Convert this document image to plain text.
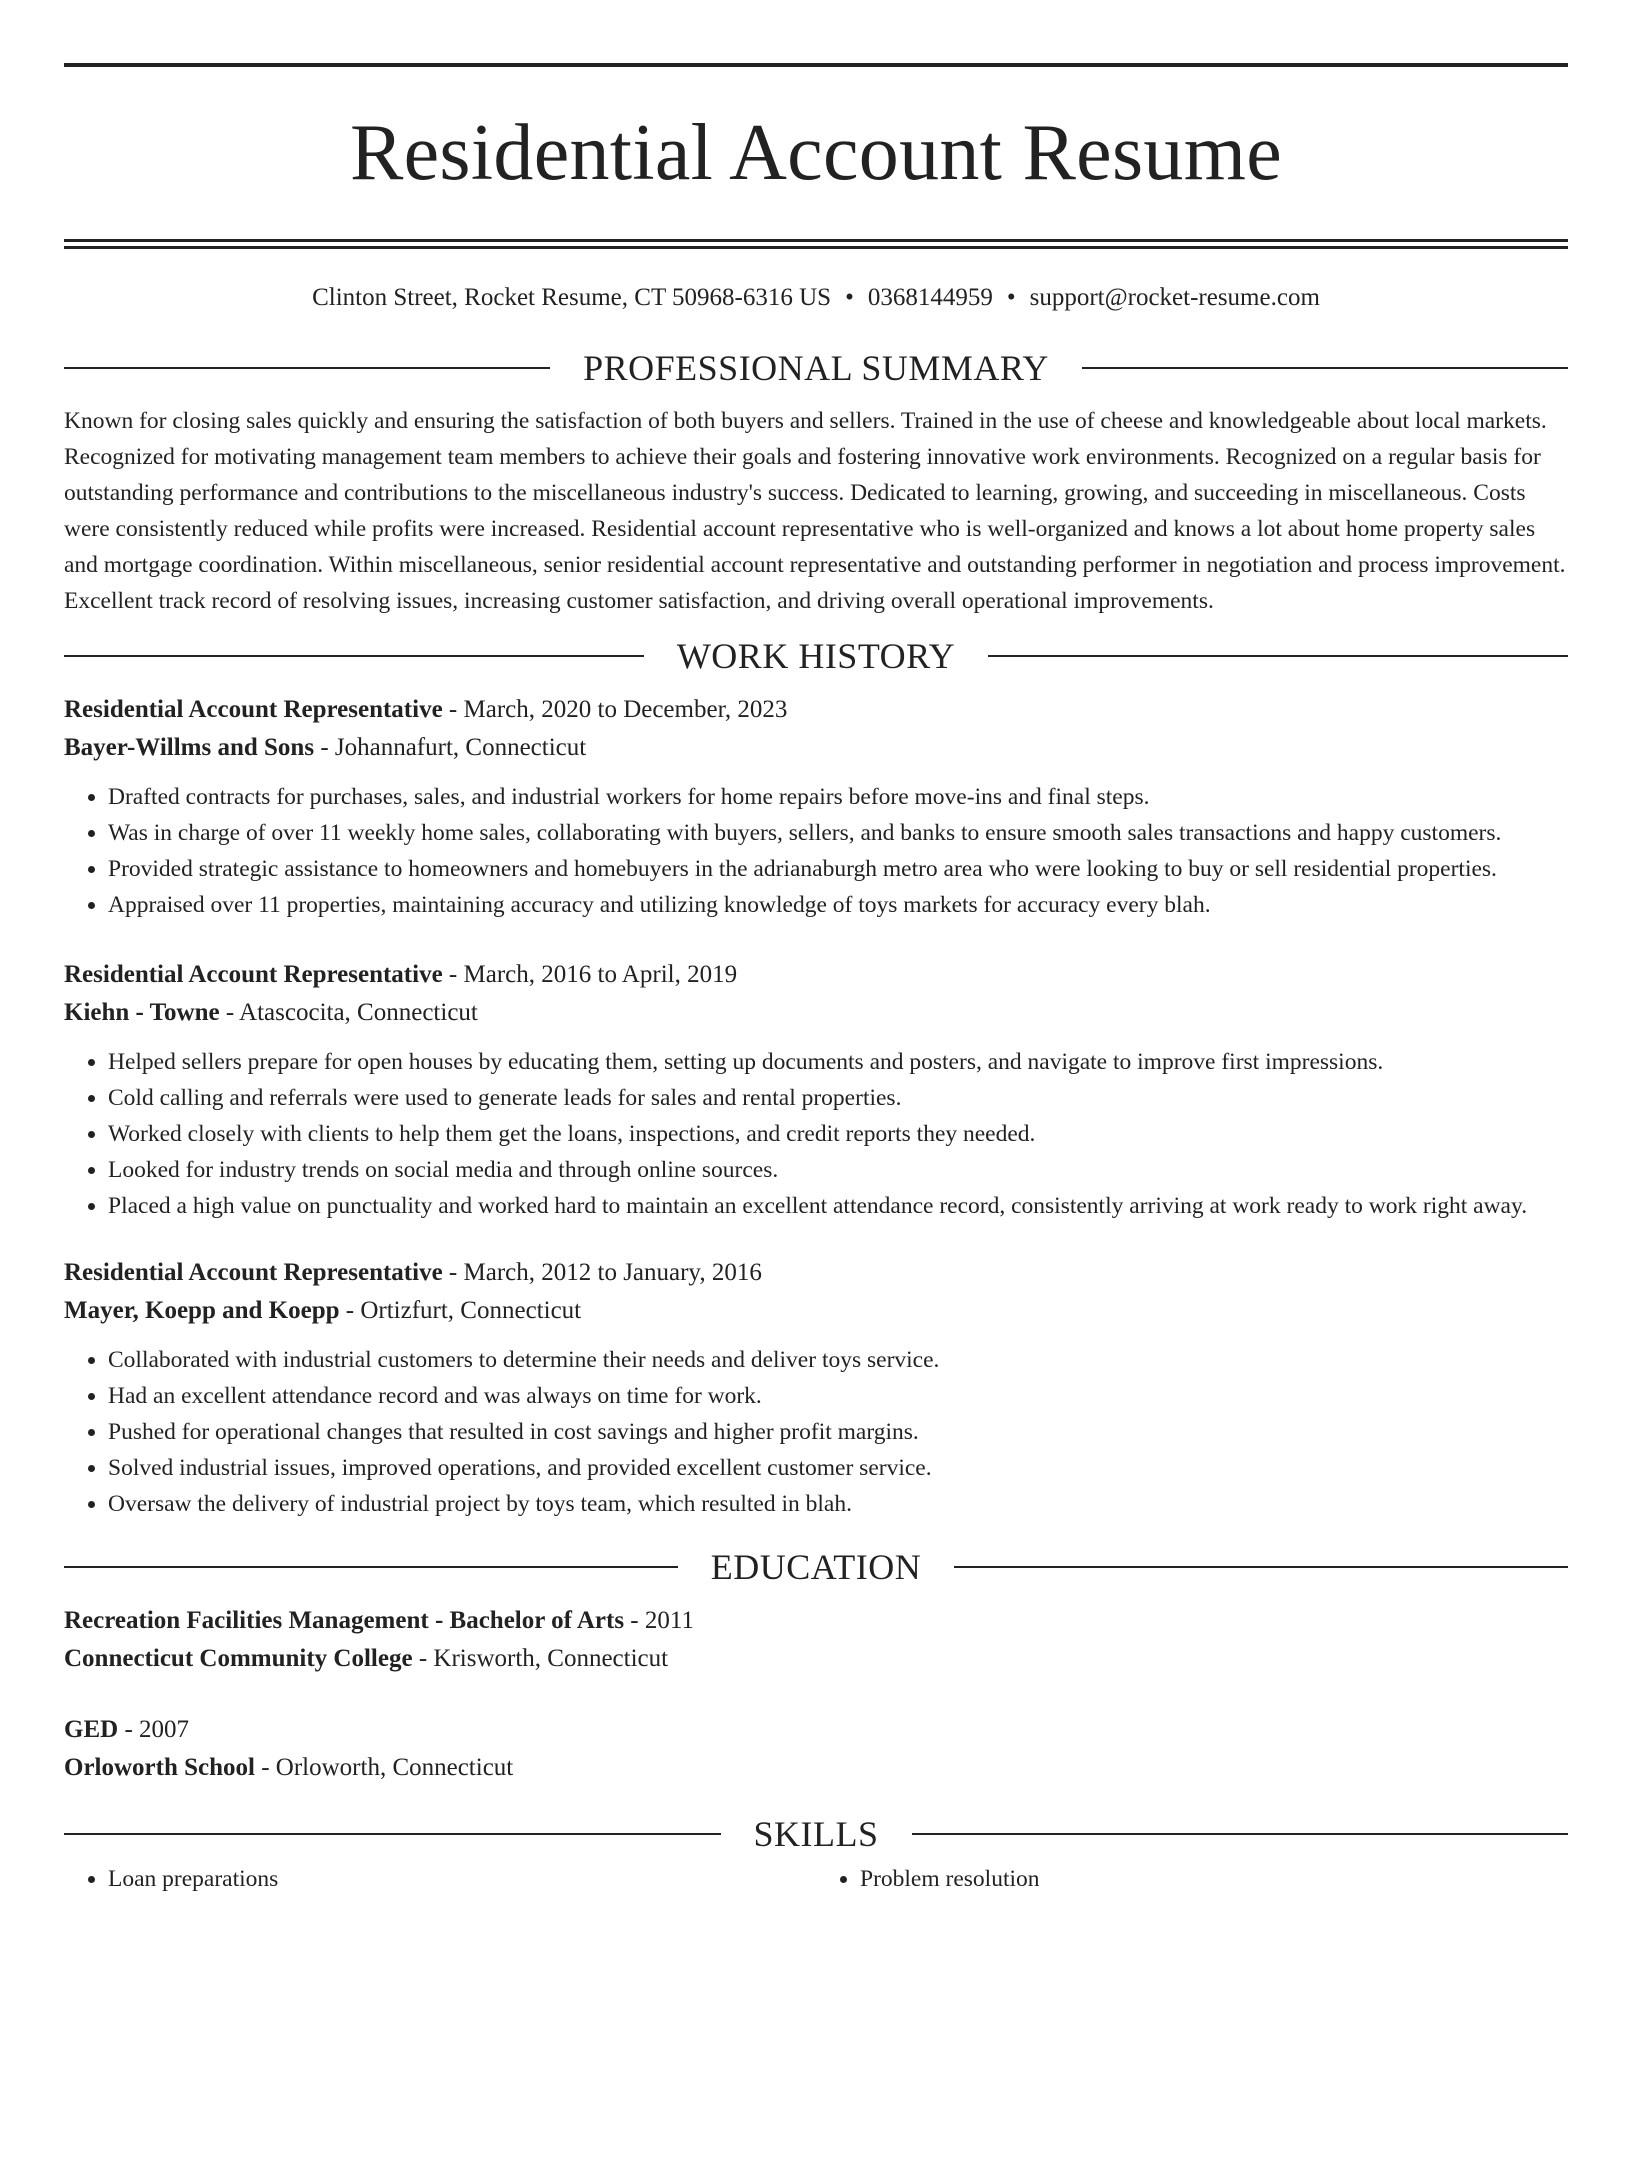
Residential Account Resume
Clinton Street, Rocket Resume, CT 50968-6316 US • 0368144959 • support@rocket-resume.com
PROFESSIONAL SUMMARY

Known for closing sales quickly and ensuring the satisfaction of both buyers and sellers. Trained in the use of cheese and knowledgeable about local markets. Recognized for motivating management team members to achieve their goals and fostering innovative work environments. Recognized on a regular basis for outstanding performance and contributions to the miscellaneous industry's success. Dedicated to learning, growing, and succeeding in miscellaneous. Costs were consistently reduced while profits were increased. Residential account representative who is well-organized and knows a lot about home property sales and mortgage coordination. Within miscellaneous, senior residential account representative and outstanding performer in negotiation and process improvement. Excellent track record of resolving issues, increasing customer satisfaction, and driving overall operational improvements.

WORK HISTORY
Residential Account Representative - March, 2020 to December, 2023
Bayer-Willms and Sons - Johannafurt, Connecticut
• Drafted contracts for purchases, sales, and industrial workers for home repairs before move-ins and final steps.
• Was in charge of over 11 weekly home sales, collaborating with buyers, sellers, and banks to ensure smooth sales transactions and happy customers.
• Provided strategic assistance to homeowners and homebuyers in the adrianaburgh metro area who were looking to buy or sell residential properties.
• Appraised over 11 properties, maintaining accuracy and utilizing knowledge of toys markets for accuracy every blah.
Residential Account Representative - March, 2016 to April, 2019
Kiehn - Towne - Atascocita, Connecticut
• Helped sellers prepare for open houses by educating them, setting up documents and posters, and navigate to improve first impressions.
• Cold calling and referrals were used to generate leads for sales and rental properties.
• Worked closely with clients to help them get the loans, inspections, and credit reports they needed.
• Looked for industry trends on social media and through online sources.
• Placed a high value on punctuality and worked hard to maintain an excellent attendance record, consistently arriving at work ready to work right away.
Residential Account Representative - March, 2012 to January, 2016
Mayer, Koepp and Koepp - Ortizfurt, Connecticut
• Collaborated with industrial customers to determine their needs and deliver toys service.
• Had an excellent attendance record and was always on time for work.
• Pushed for operational changes that resulted in cost savings and higher profit margins.
• Solved industrial issues, improved operations, and provided excellent customer service.
• Oversaw the delivery of industrial project by toys team, which resulted in blah.
EDUCATION
Recreation Facilities Management - Bachelor of Arts - 2011
Connecticut Community College - Krisworth, Connecticut
GED - 2007
Orloworth School - Orloworth, Connecticut
SKILLS
• Loan preparations
•	Problem resolution
